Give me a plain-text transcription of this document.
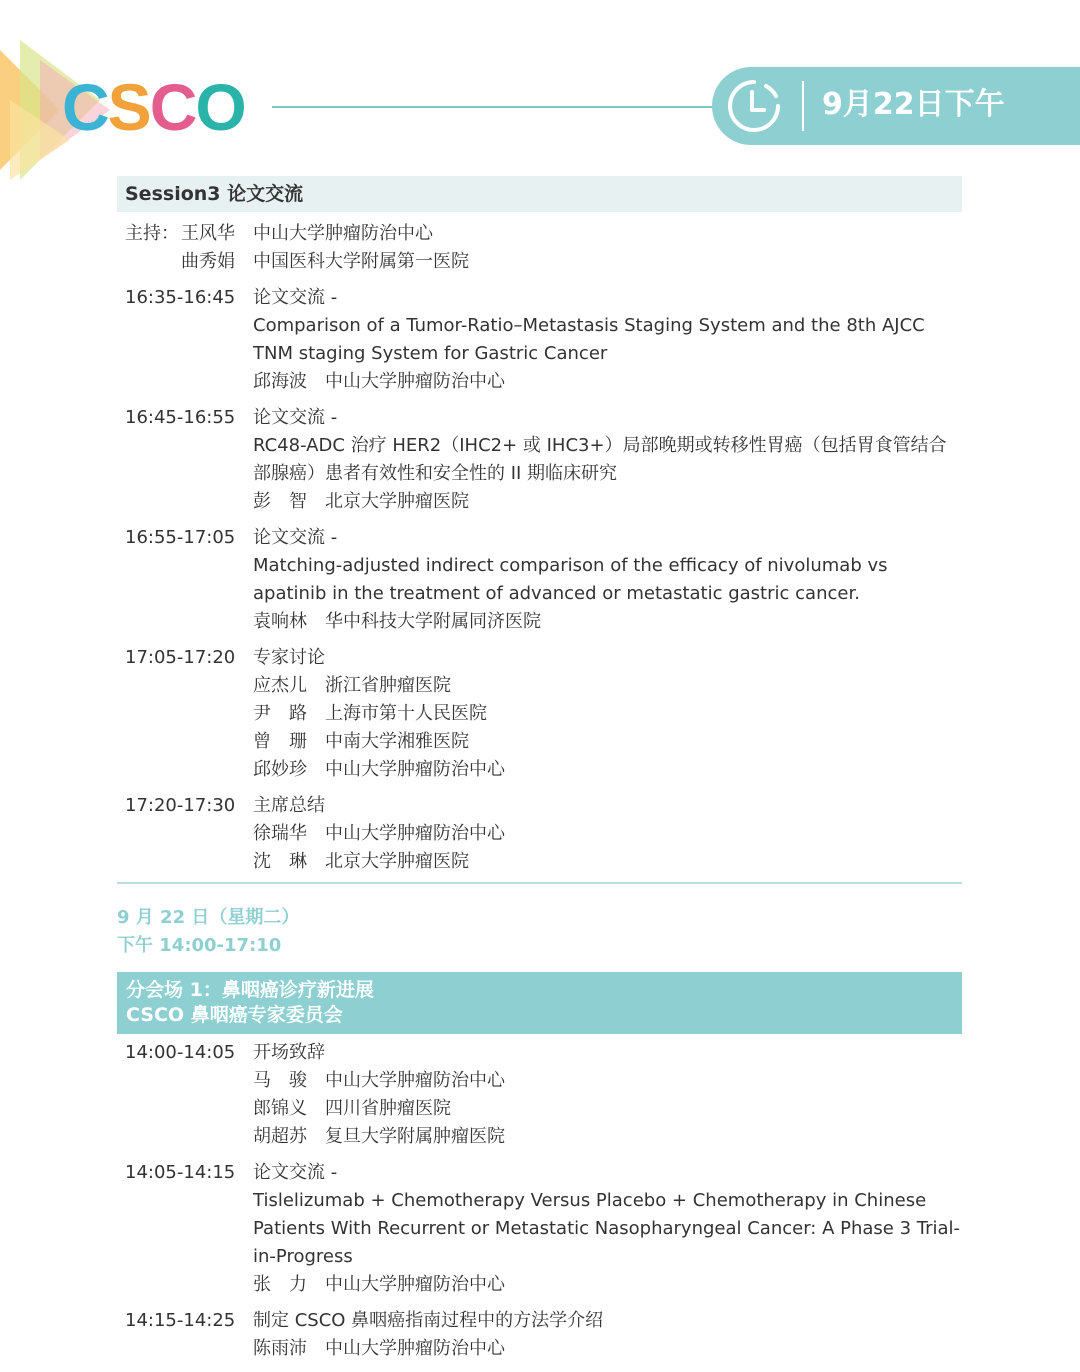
CSCO	9月22日下午
Session3 论文交流
主持： 王风华	中山大学肿瘤防治中心
曲秀娟	中国医科大学附属第一医院
16:35-16:45 论文交流 -
Comparison of a Tumor-Ratio–Metastasis Staging System and the 8th AJCC
TNM staging System for Gastric Cancer
邱海波	中山大学肿瘤防治中心
16:45-16:55 论文交流 -
RC48-ADC 治疗 HER2（IHC2+ 或 IHC3+）局部晚期或转移性胃癌（包括胃食管结合
部腺癌）患者有效性和安全性的 II 期临床研究
彭　智	北京大学肿瘤医院
16:55-17:05 论文交流 -
Matching-adjusted indirect comparison of the efficacy of nivolumab vs
apatinib in the treatment of advanced or metastatic gastric cancer.
袁响林	华中科技大学附属同济医院
17:05-17:20 专家讨论
应杰儿	浙江省肿瘤医院
尹　路	上海市第十人民医院
曾　珊	中南大学湘雅医院
邱妙珍	中山大学肿瘤防治中心
17:20-17:30 主席总结
徐瑞华	中山大学肿瘤防治中心
沈　琳	北京大学肿瘤医院
9 月 22 日（星期二）
下午 14:00-17:10
分会场 1：鼻咽癌诊疗新进展
CSCO 鼻咽癌专家委员会
14:00-14:05 开场致辞
马　骏	中山大学肿瘤防治中心
郎锦义	四川省肿瘤医院
胡超苏	复旦大学附属肿瘤医院
14:05-14:15 论文交流 -
Tislelizumab + Chemotherapy Versus Placebo + Chemotherapy in Chinese
Patients With Recurrent or Metastatic Nasopharyngeal Cancer: A Phase 3 Trial-
in-Progress
张　力	中山大学肿瘤防治中心
14:15-14:25 制定 CSCO 鼻咽癌指南过程中的方法学介绍
陈雨沛	中山大学肿瘤防治中心
